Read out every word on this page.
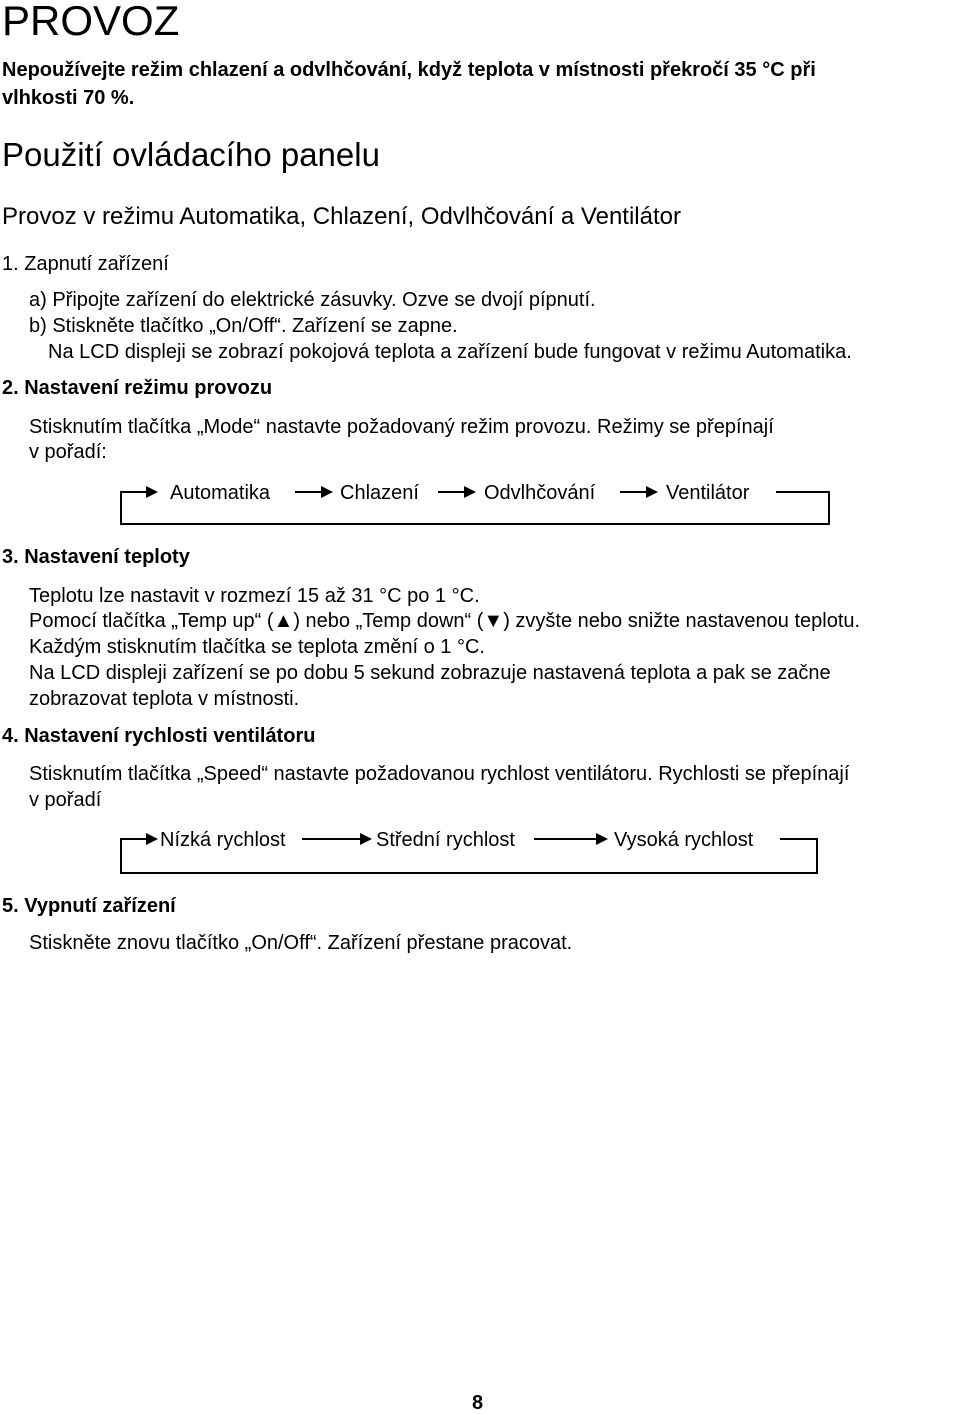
PROVOZ
Nepoužívejte režim chlazení a odvlhčování, když teplota v místnosti překročí 35 °C při
vlhkosti 70 %.
Použití ovládacího panelu
Provoz v režimu Automatika, Chlazení, Odvlhčování a Ventilátor
1. Zapnutí zařízení
a) Připojte zařízení do elektrické zásuvky. Ozve se dvojí pípnutí.
b) Stiskněte tlačítko „On/Off“. Zařízení se zapne.
Na LCD displeji se zobrazí pokojová teplota a zařízení bude fungovat v režimu Automatika.
2. Nastavení režimu provozu
Stisknutím tlačítka „Mode“ nastavte požadovaný režim provozu. Režimy se přepínají
v pořadí:
Automatika	Chlazení	Odvlhčování	Ventilátor
3. Nastavení teploty
Teplotu lze nastavit v rozmezí 15 až 31 °C po 1 °C.
Pomocí tlačítka „Temp up“ (▲) nebo „Temp down“ (▼) zvyšte nebo snižte nastavenou teplotu.
Každým stisknutím tlačítka se teplota změní o 1 °C.
Na LCD displeji zařízení se po dobu 5 sekund zobrazuje nastavená teplota a pak se začne
zobrazovat teplota v místnosti.
4. Nastavení rychlosti ventilátoru
Stisknutím tlačítka „Speed“ nastavte požadovanou rychlost ventilátoru. Rychlosti se přepínají
v pořadí
Nízká rychlost	Střední rychlost	Vysoká rychlost
5. Vypnutí zařízení
Stiskněte znovu tlačítko „On/Off“. Zařízení přestane pracovat.
8
